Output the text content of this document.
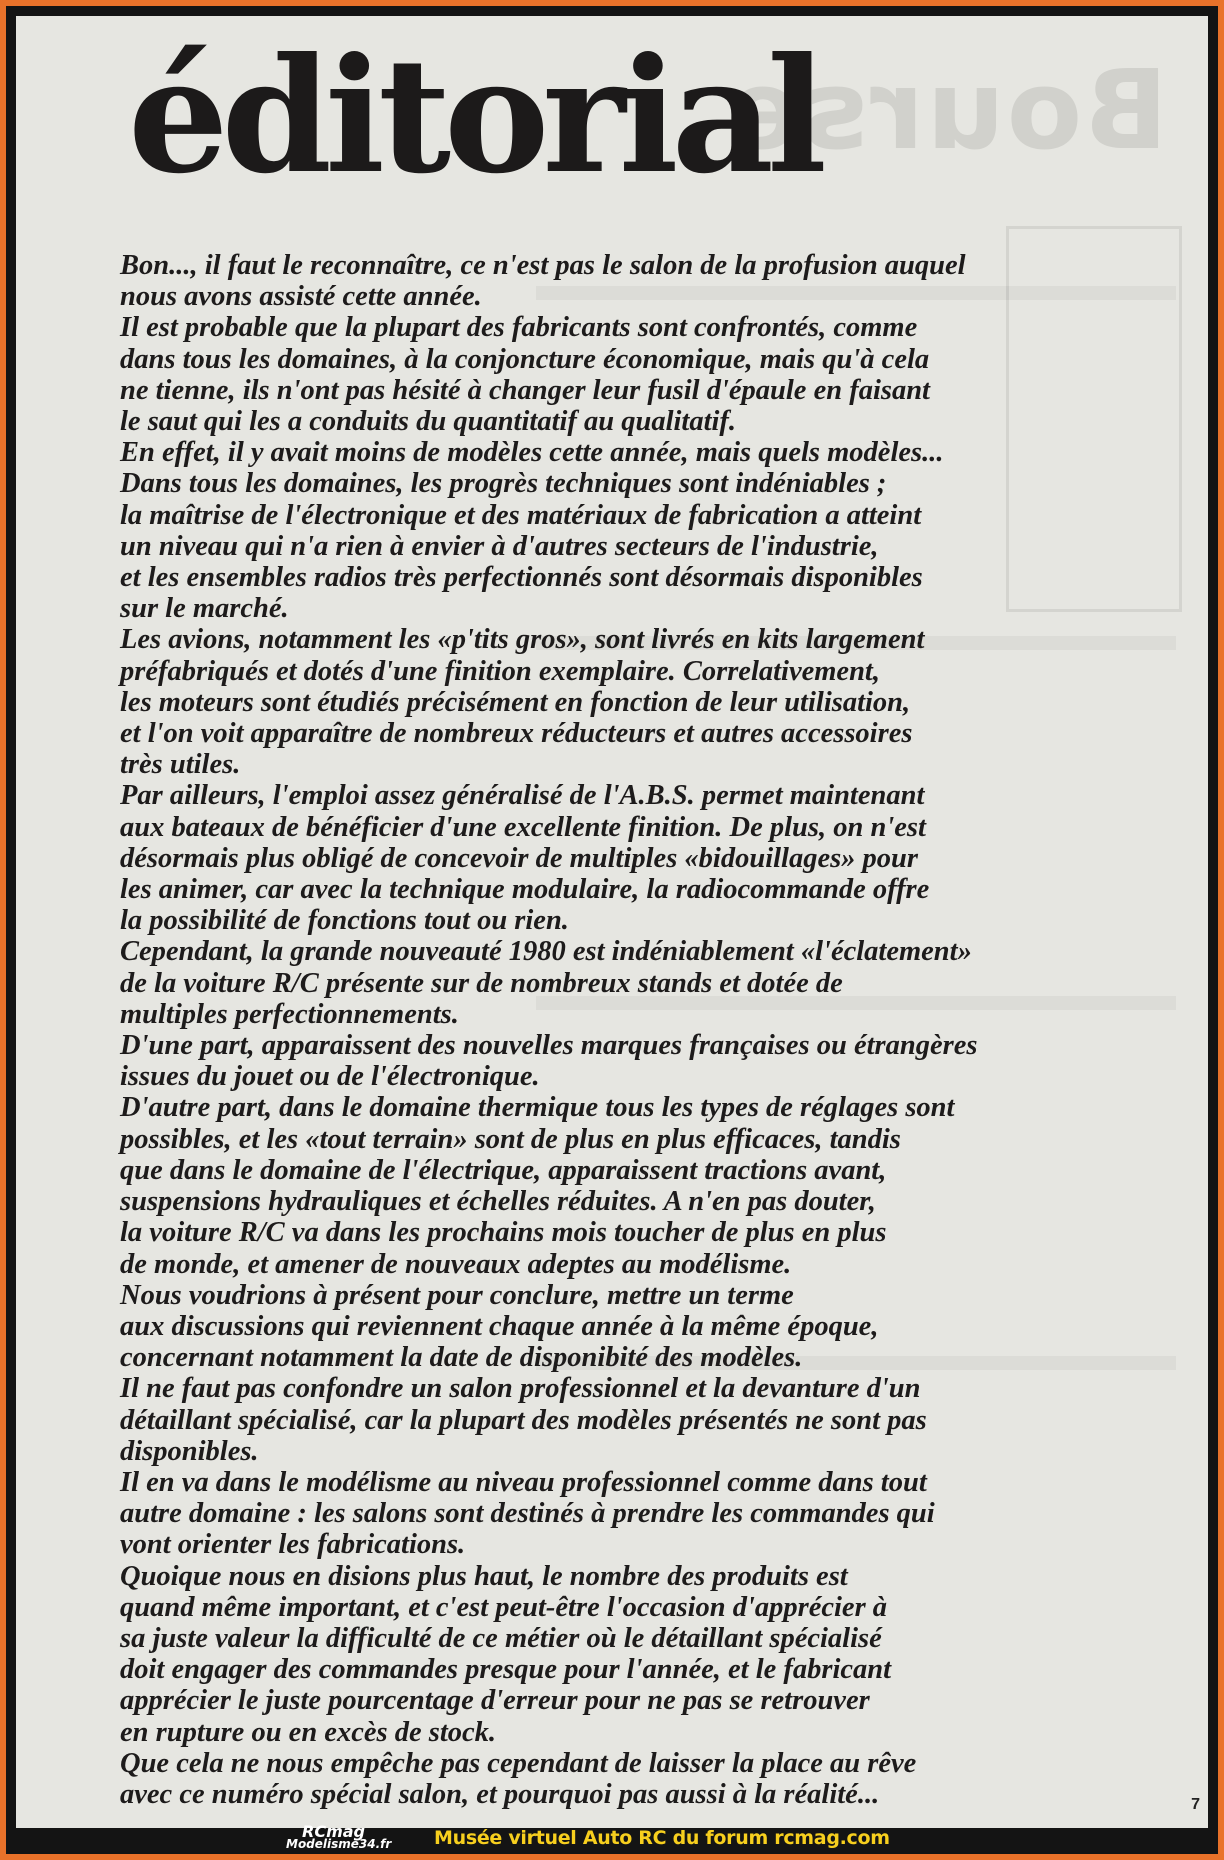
Bourse
éditorial

Bon..., il faut le reconnaître, ce n'est pas le salon de la profusion auquel
nous avons assisté cette année.

Il est probable que la plupart des fabricants sont confrontés, comme
dans tous les domaines, à la conjoncture économique, mais qu'à cela
ne tienne, ils n'ont pas hésité à changer leur fusil d'épaule en faisant
le saut qui les a conduits du quantitatif au qualitatif.

En effet, il y avait moins de modèles cette année, mais quels modèles...

Dans tous les domaines, les progrès techniques sont indéniables ;
la maîtrise de l'électronique et des matériaux de fabrication a atteint
un niveau qui n'a rien à envier à d'autres secteurs de l'industrie,
et les ensembles radios très perfectionnés sont désormais disponibles
sur le marché.

Les avions, notamment les «p'tits gros», sont livrés en kits largement
préfabriqués et dotés d'une finition exemplaire. Correlativement,
les moteurs sont étudiés précisément en fonction de leur utilisation,
et l'on voit apparaître de nombreux réducteurs et autres accessoires
très utiles.

Par ailleurs, l'emploi assez généralisé de l'A.B.S. permet maintenant
aux bateaux de bénéficier d'une excellente finition. De plus, on n'est
désormais plus obligé de concevoir de multiples «bidouillages» pour
les animer, car avec la technique modulaire, la radiocommande offre
la possibilité de fonctions tout ou rien.

Cependant, la grande nouveauté 1980 est indéniablement «l'éclatement»
de la voiture R/C présente sur de nombreux stands et dotée de
multiples perfectionnements.

D'une part, apparaissent des nouvelles marques françaises ou étrangères
issues du jouet ou de l'électronique.

D'autre part, dans le domaine thermique tous les types de réglages sont
possibles, et les «tout terrain» sont de plus en plus efficaces, tandis
que dans le domaine de l'électrique, apparaissent tractions avant,
suspensions hydrauliques et échelles réduites. A n'en pas douter,
la voiture R/C va dans les prochains mois toucher de plus en plus
de monde, et amener de nouveaux adeptes au modélisme.

Nous voudrions à présent pour conclure, mettre un terme
aux discussions qui reviennent chaque année à la même époque,
concernant notamment la date de disponibité des modèles.

Il ne faut pas confondre un salon professionnel et la devanture d'un
détaillant spécialisé, car la plupart des modèles présentés ne sont pas
disponibles.

Il en va dans le modélisme au niveau professionnel comme dans tout
autre domaine : les salons sont destinés à prendre les commandes qui
vont orienter les fabrications.

Quoique nous en disions plus haut, le nombre des produits est
quand même important, et c'est peut-être l'occasion d'apprécier à
sa juste valeur la difficulté de ce métier où le détaillant spécialisé
doit engager des commandes presque pour l'année, et le fabricant
apprécier le juste pourcentage d'erreur pour ne pas se retrouver
en rupture ou en excès de stock.

Que cela ne nous empêche pas cependant de laisser la place au rêve
avec ce numéro spécial salon, et pourquoi pas aussi à la réalité...	7
RCmag
Modelisme34.fr Musée virtuel Auto RC du forum rcmag.com
